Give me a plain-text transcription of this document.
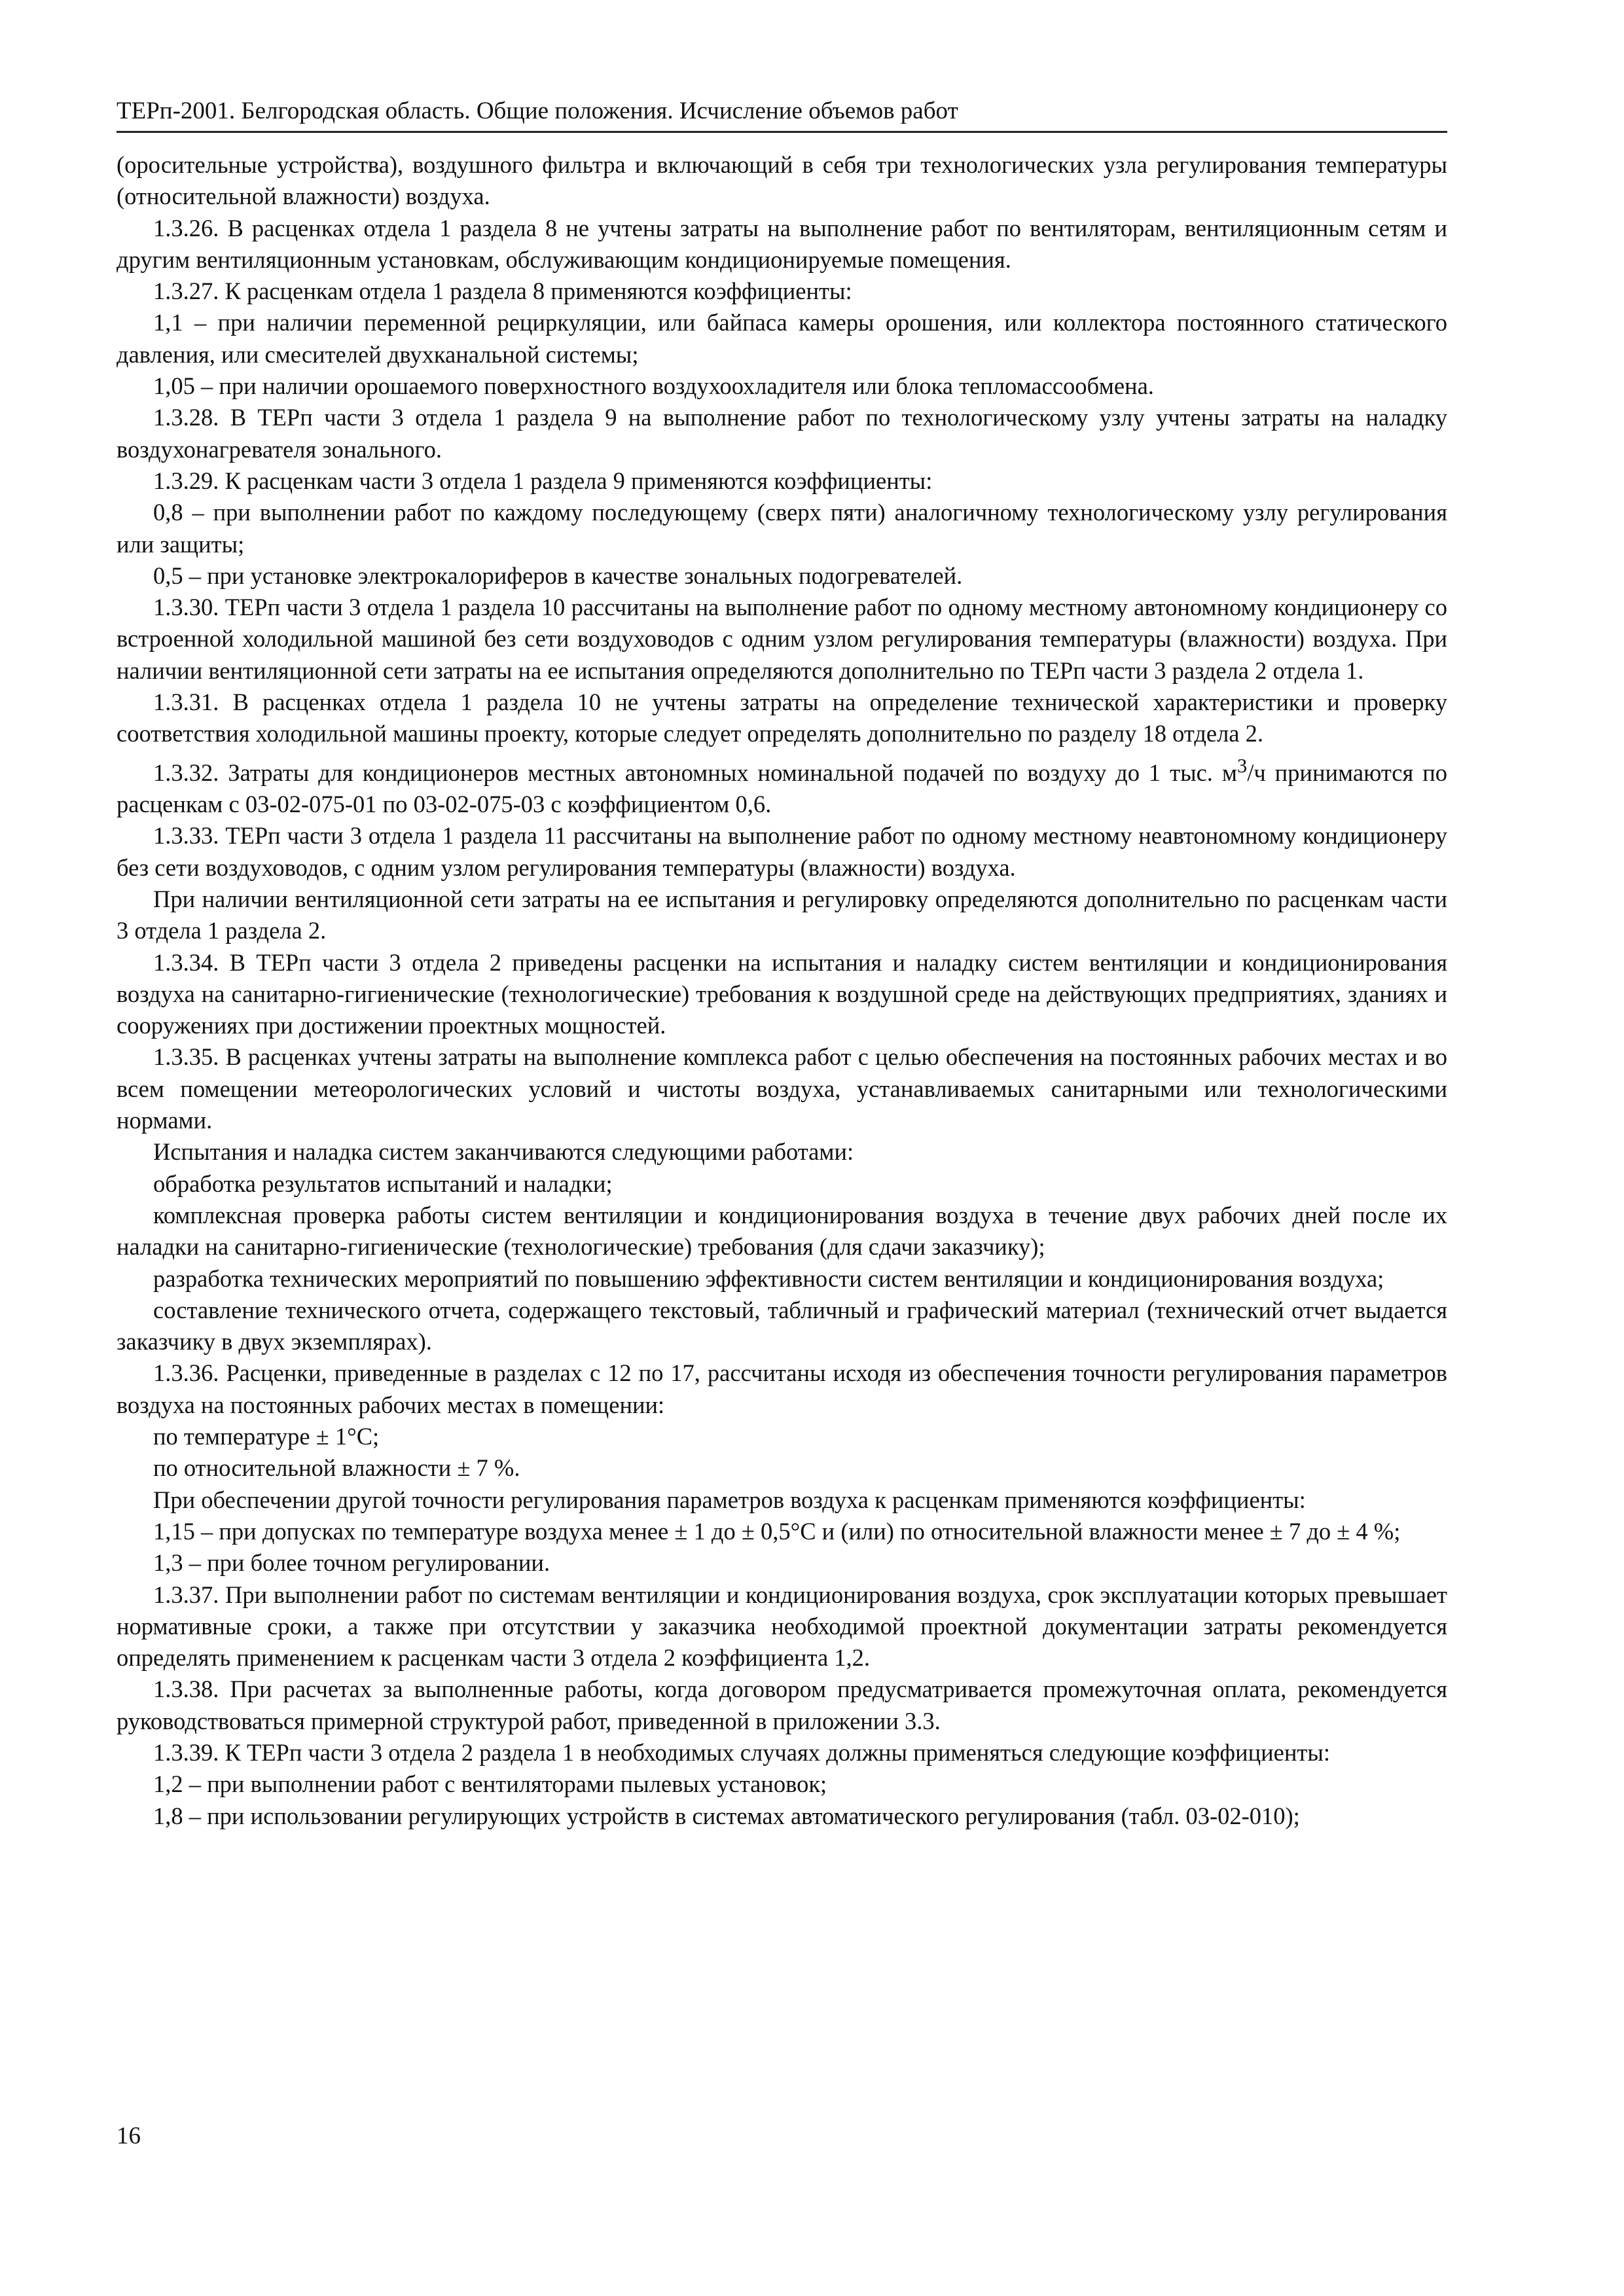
ТЕРп-2001. Белгородская область. Общие положения. Исчисление объемов работ

(оросительные устройства), воздушного фильтра и включающий в себя три технологических узла регулирования температуры (относительной влажности) воздуха.

1.3.26. В расценках отдела 1 раздела 8 не учтены затраты на выполнение работ по вентиляторам, вентиляционным сетям и другим вентиляционным установкам, обслуживающим кондиционируемые помещения.

1.3.27. К расценкам отдела 1 раздела 8 применяются коэффициенты:

1,1 – при наличии переменной рециркуляции, или байпаса камеры орошения, или коллектора постоянного статического давления, или смесителей двухканальной системы;

1,05 – при наличии орошаемого поверхностного воздухоохладителя или блока тепломассообмена.

1.3.28. В ТЕРп части 3 отдела 1 раздела 9 на выполнение работ по технологическому узлу учтены затраты на наладку воздухонагревателя зонального.

1.3.29. К расценкам части 3 отдела 1 раздела 9 применяются коэффициенты:

0,8 – при выполнении работ по каждому последующему (сверх пяти) аналогичному технологическому узлу регулирования или защиты;

0,5 – при установке электрокалориферов в качестве зональных подогревателей.

1.3.30. ТЕРп части 3 отдела 1 раздела 10 рассчитаны на выполнение работ по одному местному автономному кондиционеру со встроенной холодильной машиной без сети воздуховодов с одним узлом регулирования температуры (влажности) воздуха. При наличии вентиляционной сети затраты на ее испытания определяются дополнительно по ТЕРп части 3 раздела 2 отдела 1.

1.3.31. В расценках отдела 1 раздела 10 не учтены затраты на определение технической характеристики и проверку соответствия холодильной машины проекту, которые следует определять дополнительно по разделу 18 отдела 2.

1.3.32. Затраты для кондиционеров местных автономных номинальной подачей по воздуху до 1 тыс. $м^3/ч$ принимаются по расценкам с 03-02-075-01 по 03-02-075-03 с коэффициентом 0,6.

1.3.33. ТЕРп части 3 отдела 1 раздела 11 рассчитаны на выполнение работ по одному местному неавтономному кондиционеру без сети воздуховодов, с одним узлом регулирования температуры (влажности) воздуха.

При наличии вентиляционной сети затраты на ее испытания и регулировку определяются дополнительно по расценкам части 3 отдела 1 раздела 2.

1.3.34. В ТЕРп части 3 отдела 2 приведены расценки на испытания и наладку систем вентиляции и кондиционирования воздуха на санитарно-гигиенические (технологические) требования к воздушной среде на действующих предприятиях, зданиях и сооружениях при достижении проектных мощностей.

1.3.35. В расценках учтены затраты на выполнение комплекса работ с целью обеспечения на постоянных рабочих местах и во всем помещении метеорологических условий и чистоты воздуха, устанавливаемых санитарными или технологическими нормами.

Испытания и наладка систем заканчиваются следующими работами:

обработка результатов испытаний и наладки;

комплексная проверка работы систем вентиляции и кондиционирования воздуха в течение двух рабочих дней после их наладки на санитарно-гигиенические (технологические) требования (для сдачи заказчику);

разработка технических мероприятий по повышению эффективности систем вентиляции и кондиционирования воздуха;

составление технического отчета, содержащего текстовый, табличный и графический материал (технический отчет выдается заказчику в двух экземплярах).

1.3.36. Расценки, приведенные в разделах с 12 по 17, рассчитаны исходя из обеспечения точности регулирования параметров воздуха на постоянных рабочих местах в помещении:

по температуре ± 1°С;

по относительной влажности ± 7 %.

При обеспечении другой точности регулирования параметров воздуха к расценкам применяются коэффициенты:

1,15 – при допусках по температуре воздуха менее ± 1 до ± 0,5°С и (или) по относительной влажности менее ± 7 до ± 4 %;

1,3 – при более точном регулировании.

1.3.37. При выполнении работ по системам вентиляции и кондиционирования воздуха, срок эксплуатации которых превышает нормативные сроки, а также при отсутствии у заказчика необходимой проектной документации затраты рекомендуется определять применением к расценкам части 3 отдела 2 коэффициента 1,2.

1.3.38. При расчетах за выполненные работы, когда договором предусматривается промежуточная оплата, рекомендуется руководствоваться примерной структурой работ, приведенной в приложении 3.3.

1.3.39. К ТЕРп части 3 отдела 2 раздела 1 в необходимых случаях должны применяться следующие коэффициенты:

1,2 – при выполнении работ с вентиляторами пылевых установок;

1,8 – при использовании регулирующих устройств в системах автоматического регулирования (табл. 03-02-010);

16
